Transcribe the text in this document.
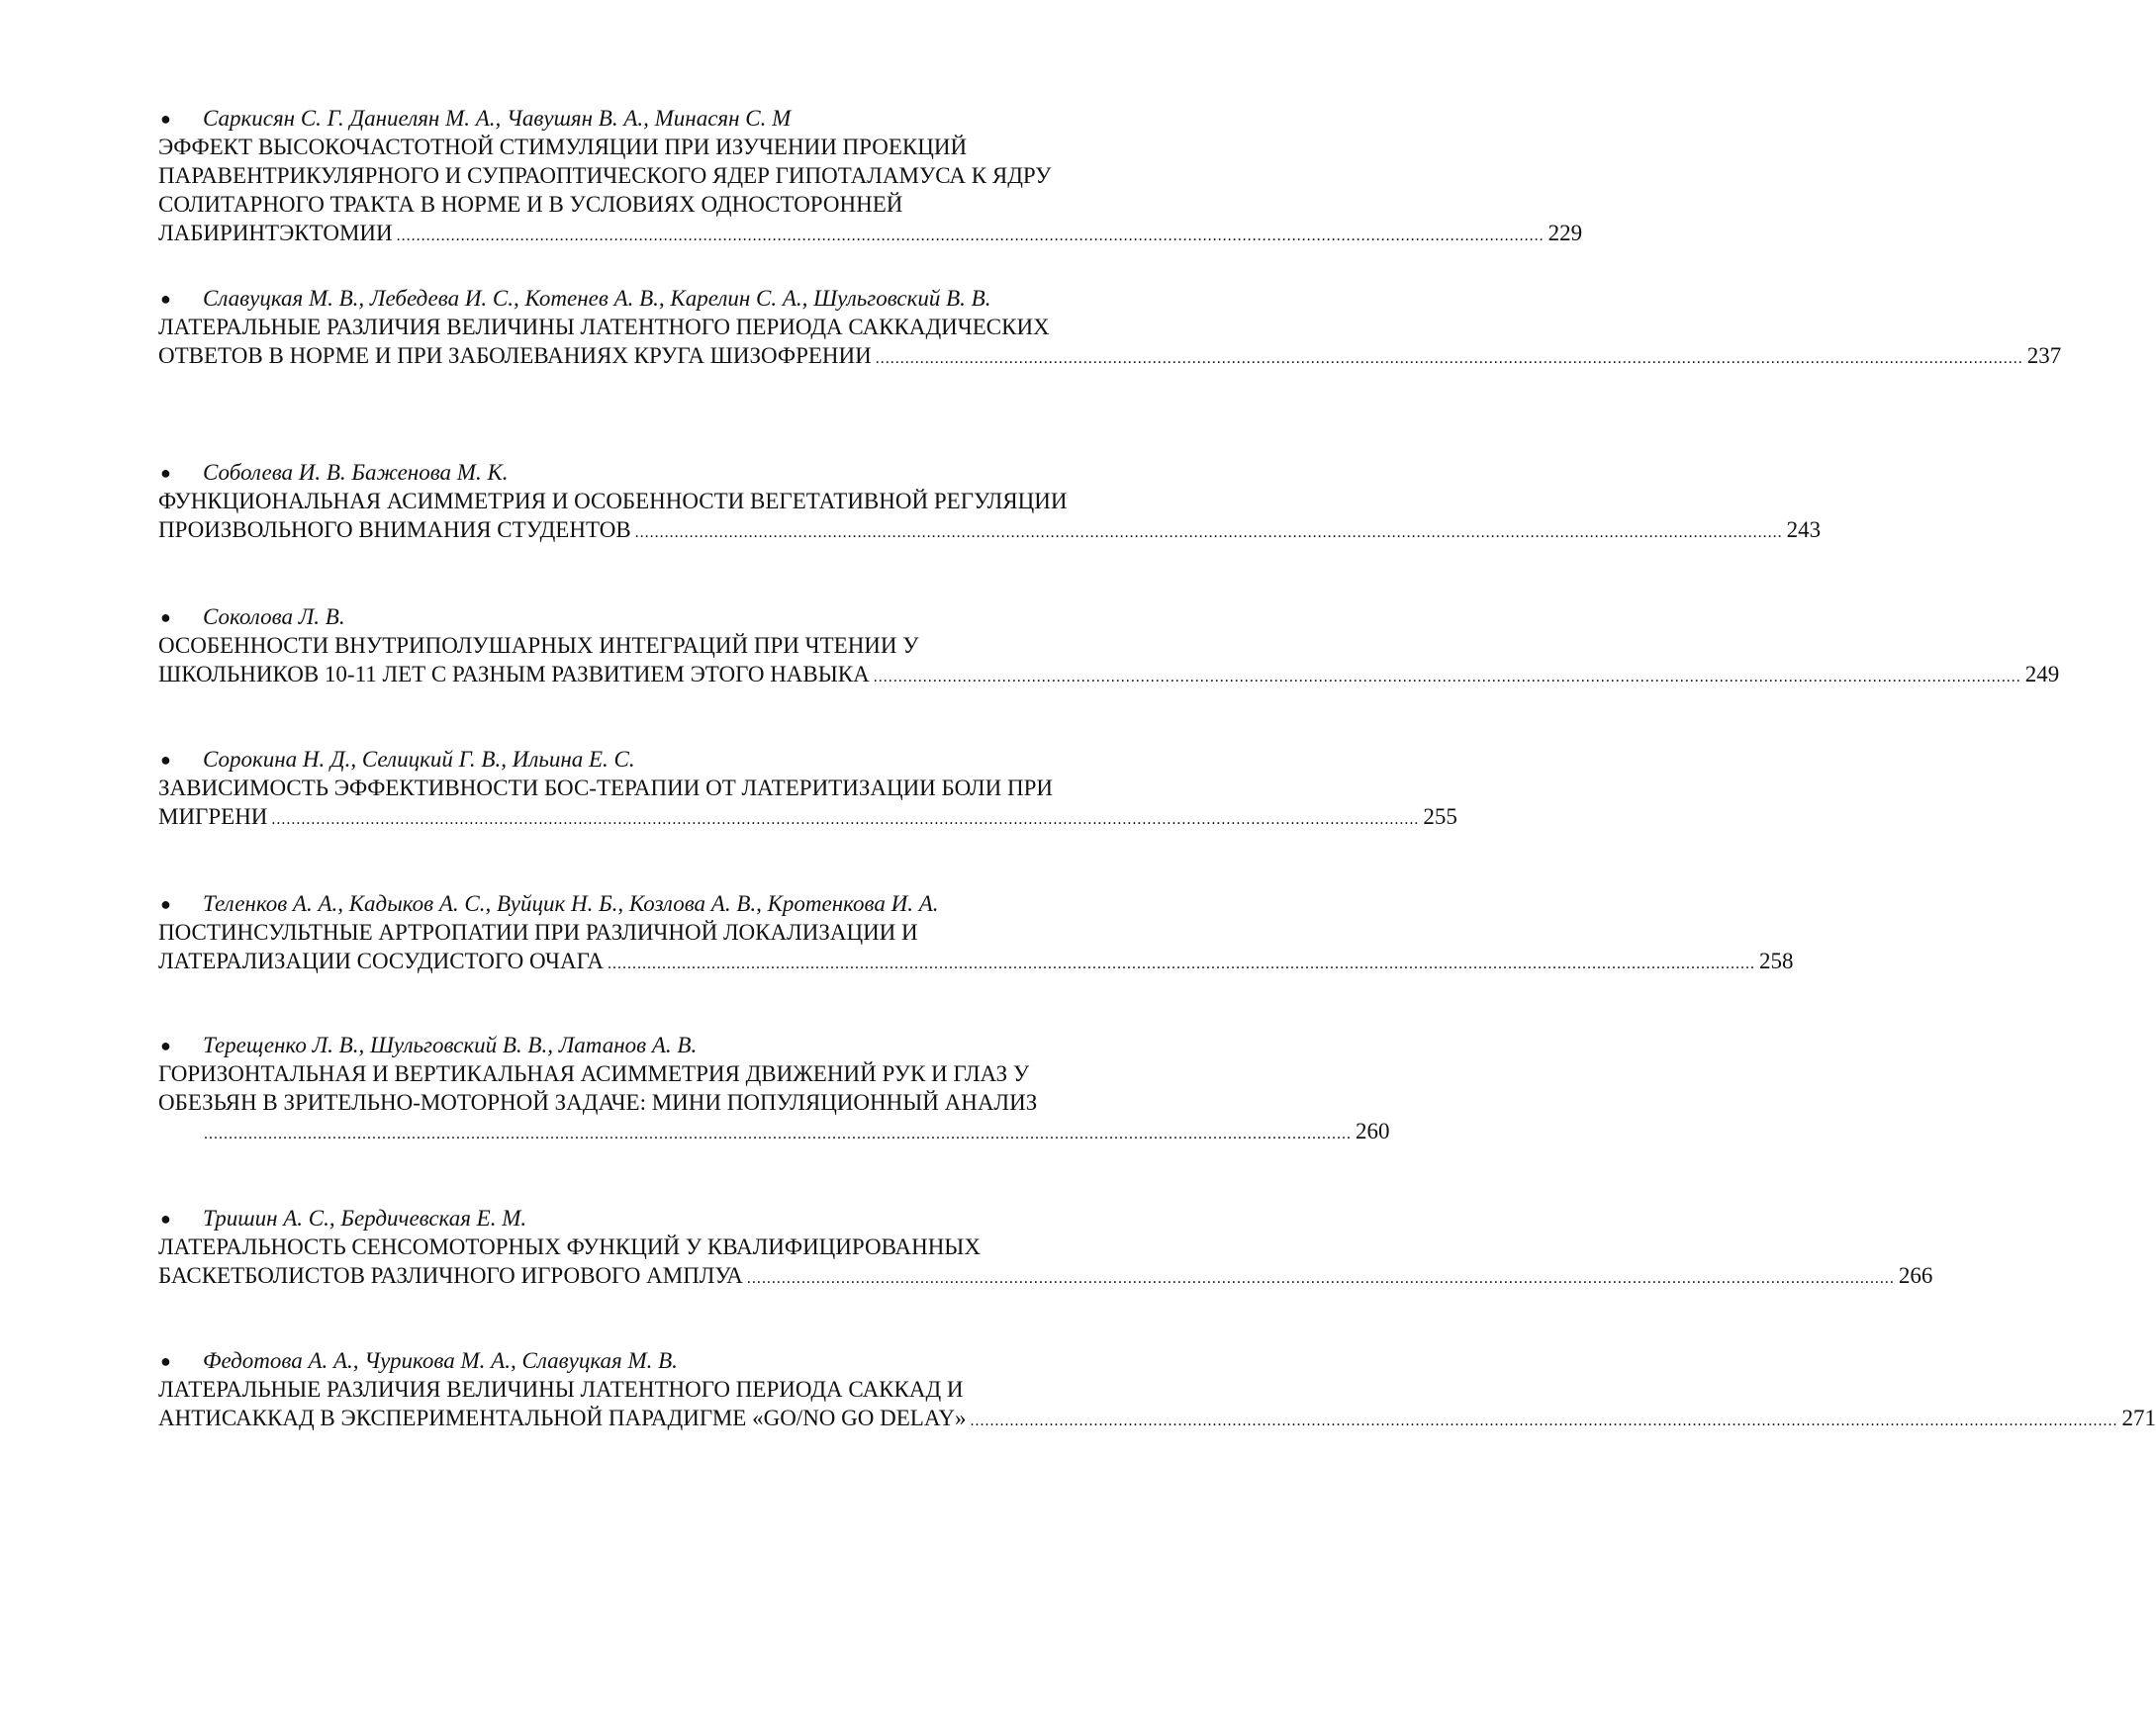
● Саркисян С. Г. Даниелян М. А., Чавушян В. А., Минасян С. М
ЭФФЕКТ ВЫСОКОЧАСТОТНОЙ СТИМУЛЯЦИИ ПРИ ИЗУЧЕНИИ ПРОЕКЦИЙ
ПАРАВЕНТРИКУЛЯРНОГО И СУПРАОПТИЧЕСКОГО ЯДЕР ГИПОТАЛАМУСА К ЯДРУ
СОЛИТАРНОГО ТРАКТА В НОРМЕ И В УСЛОВИЯХ ОДНОСТОРОННЕЙ
ЛАБИРИНТЭКТОМИИ ........................................................................................................................................................................................................................................ 229
● Славуцкая М. В., Лебедева И. С., Котенев А. В., Карелин С. А., Шульговский В. В.
ЛАТЕРАЛЬНЫЕ РАЗЛИЧИЯ ВЕЛИЧИНЫ ЛАТЕНТНОГО ПЕРИОДА САККАДИЧЕСКИХ
ОТВЕТОВ В НОРМЕ И ПРИ ЗАБОЛЕВАНИЯХ КРУГА ШИЗОФРЕНИИ ........................................................................................................................................................................................................................................ 237
● Соболева И. В. Баженова М. К.
ФУНКЦИОНАЛЬНАЯ АСИММЕТРИЯ И ОСОБЕННОСТИ ВЕГЕТАТИВНОЙ РЕГУЛЯЦИИ
ПРОИЗВОЛЬНОГО ВНИМАНИЯ СТУДЕНТОВ ........................................................................................................................................................................................................................................ 243
● Соколова Л. В.
ОСОБЕННОСТИ ВНУТРИПОЛУШАРНЫХ ИНТЕГРАЦИЙ ПРИ ЧТЕНИИ У
ШКОЛЬНИКОВ 10-11 ЛЕТ С РАЗНЫМ РАЗВИТИЕМ ЭТОГО НАВЫКА ........................................................................................................................................................................................................................................ 249
● Сорокина Н. Д., Селицкий Г. В., Ильина Е. С.
ЗАВИСИМОСТЬ ЭФФЕКТИВНОСТИ БОС-ТЕРАПИИ ОТ ЛАТЕРИТИЗАЦИИ БОЛИ ПРИ
МИГРЕНИ ........................................................................................................................................................................................................................................ 255
● Теленков А. А., Кадыков А. С., Вуйцик Н. Б., Козлова А. В., Кротенкова И. А.
ПОСТИНСУЛЬТНЫЕ АРТРОПАТИИ ПРИ РАЗЛИЧНОЙ ЛОКАЛИЗАЦИИ И
ЛАТЕРАЛИЗАЦИИ СОСУДИСТОГО ОЧАГА ........................................................................................................................................................................................................................................ 258
● Терещенко Л. В., Шульговский В. В., Латанов А. В.
ГОРИЗОНТАЛЬНАЯ И ВЕРТИКАЛЬНАЯ АСИММЕТРИЯ ДВИЖЕНИЙ РУК И ГЛАЗ У
ОБЕЗЬЯН В ЗРИТЕЛЬНО-МОТОРНОЙ ЗАДАЧЕ: МИНИ ПОПУЛЯЦИОННЫЙ АНАЛИЗ
........................................................................................................................................................................................................................................ 260
● Тришин А. С., Бердичевская Е. М.
ЛАТЕРАЛЬНОСТЬ СЕНСОМОТОРНЫХ ФУНКЦИЙ У КВАЛИФИЦИРОВАННЫХ
БАСКЕТБОЛИСТОВ РАЗЛИЧНОГО ИГРОВОГО АМПЛУА ........................................................................................................................................................................................................................................ 266
● Федотова А. А., Чурикова М. А., Славуцкая М. В.
ЛАТЕРАЛЬНЫЕ РАЗЛИЧИЯ ВЕЛИЧИНЫ ЛАТЕНТНОГО ПЕРИОДА САККАД И
АНТИСАККАД В ЭКСПЕРИМЕНТАЛЬНОЙ ПАРАДИГМЕ «GO/NO GO DELAY» ........................................................................................................................................................................................................................................ 271
